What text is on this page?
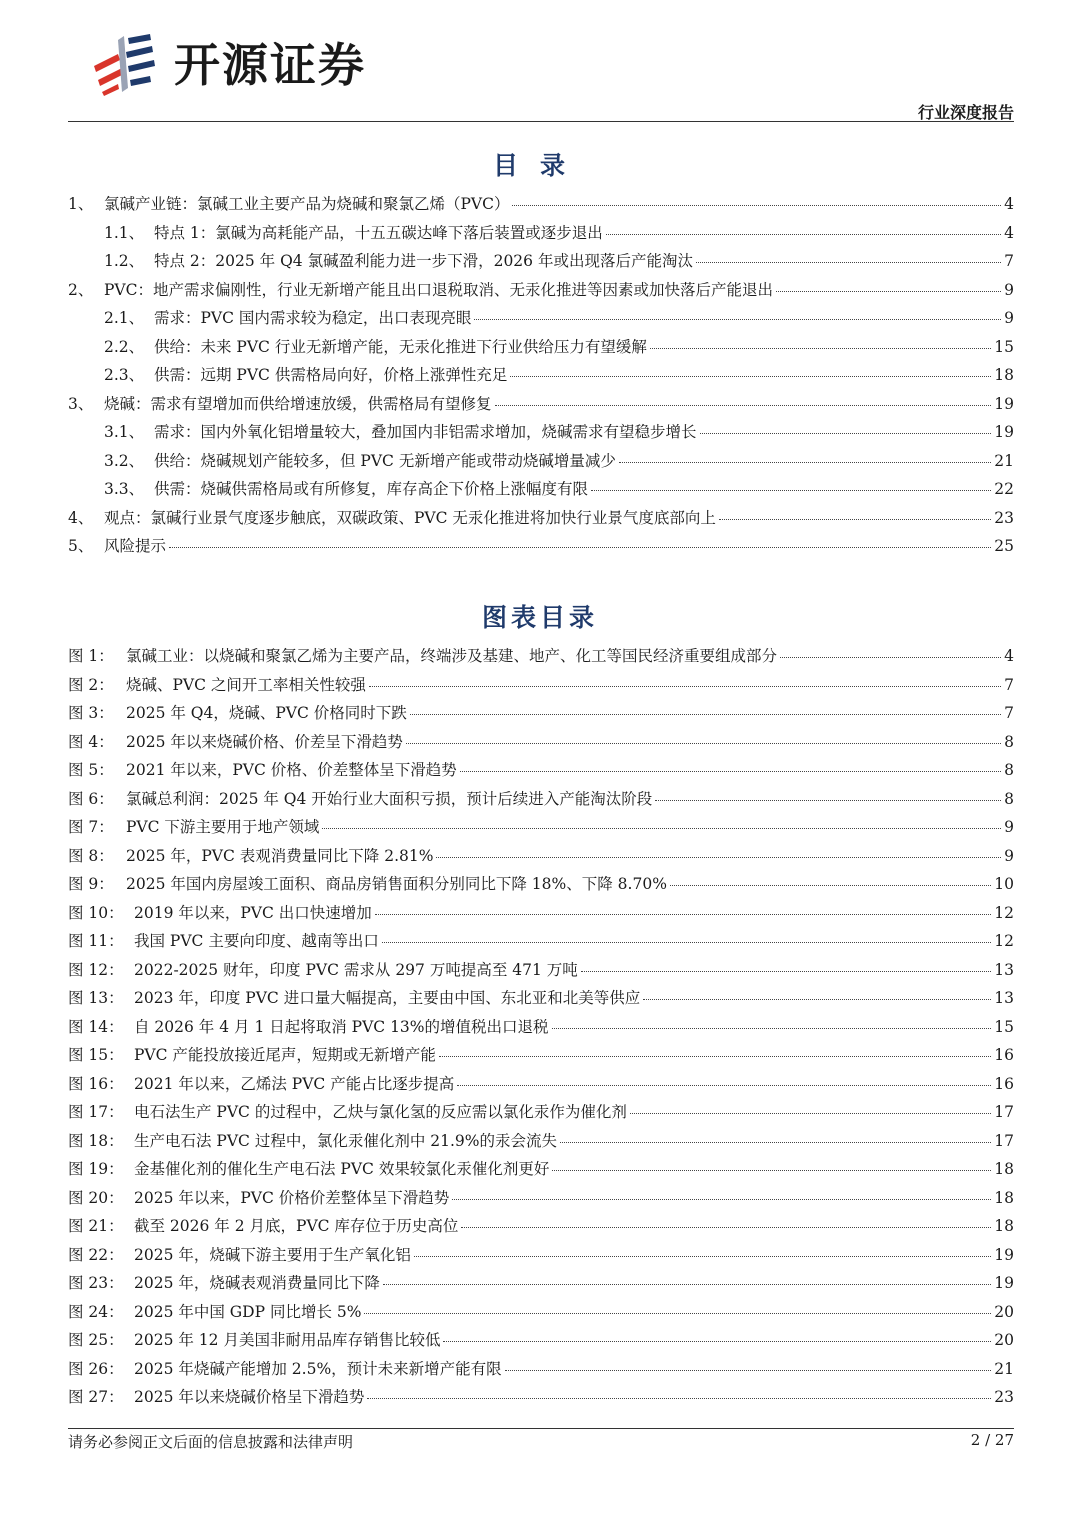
开源证券
行业深度报告
目录
1、 氯碱产业链：氯碱工业主要产品为烧碱和聚氯乙烯（PVC）	4
1.1、 特点 1：氯碱为高耗能产品，十五五碳达峰下落后装置或逐步退出	4
1.2、 特点 2：2025 年 Q4 氯碱盈利能力进一步下滑，2026 年或出现落后产能淘汰	7
2、 PVC：地产需求偏刚性，行业无新增产能且出口退税取消、无汞化推进等因素或加快落后产能退出	9
2.1、 需求：PVC 国内需求较为稳定，出口表现亮眼	9
2.2、 供给：未来 PVC 行业无新增产能，无汞化推进下行业供给压力有望缓解	15
2.3、 供需：远期 PVC 供需格局向好，价格上涨弹性充足	18
3、 烧碱：需求有望增加而供给增速放缓，供需格局有望修复	19
3.1、 需求：国内外氧化铝增量较大，叠加国内非铝需求增加，烧碱需求有望稳步增长	19
3.2、 供给：烧碱规划产能较多，但 PVC 无新增产能或带动烧碱增量减少	21
3.3、 供需：烧碱供需格局或有所修复，库存高企下价格上涨幅度有限	22
4、 观点：氯碱行业景气度逐步触底，双碳政策、PVC 无汞化推进将加快行业景气度底部向上	23
5、 风险提示	25
图表目录
图 1： 氯碱工业：以烧碱和聚氯乙烯为主要产品，终端涉及基建、地产、化工等国民经济重要组成部分	4
图 2： 烧碱、PVC 之间开工率相关性较强	7
图 3： 2025 年 Q4，烧碱、PVC 价格同时下跌	7
图 4： 2025 年以来烧碱价格、价差呈下滑趋势	8
图 5： 2021 年以来，PVC 价格、价差整体呈下滑趋势	8
图 6： 氯碱总利润：2025 年 Q4 开始行业大面积亏损，预计后续进入产能淘汰阶段	8
图 7： PVC 下游主要用于地产领域	9
图 8： 2025 年，PVC 表观消费量同比下降 2.81%	9
图 9： 2025 年国内房屋竣工面积、商品房销售面积分别同比下降 18%、下降 8.70%	10
图 10： 2019 年以来，PVC 出口快速增加	12
图 11： 我国 PVC 主要向印度、越南等出口	12
图 12： 2022-2025 财年，印度 PVC 需求从 297 万吨提高至 471 万吨	13
图 13： 2023 年，印度 PVC 进口量大幅提高，主要由中国、东北亚和北美等供应	13
图 14： 自 2026 年 4 月 1 日起将取消 PVC 13%的增值税出口退税	15
图 15： PVC 产能投放接近尾声，短期或无新增产能	16
图 16： 2021 年以来，乙烯法 PVC 产能占比逐步提高	16
图 17： 电石法生产 PVC 的过程中，乙炔与氯化氢的反应需以氯化汞作为催化剂	17
图 18： 生产电石法 PVC 过程中，氯化汞催化剂中 21.9%的汞会流失	17
图 19： 金基催化剂的催化生产电石法 PVC 效果较氯化汞催化剂更好	18
图 20： 2025 年以来，PVC 价格价差整体呈下滑趋势	18
图 21： 截至 2026 年 2 月底，PVC 库存位于历史高位	18
图 22： 2025 年，烧碱下游主要用于生产氧化铝	19
图 23： 2025 年，烧碱表观消费量同比下降	19
图 24： 2025 年中国 GDP 同比增长 5%	20
图 25： 2025 年 12 月美国非耐用品库存销售比较低	20
图 26： 2025 年烧碱产能增加 2.5%，预计未来新增产能有限	21
图 27： 2025 年以来烧碱价格呈下滑趋势	23
请务必参阅正文后面的信息披露和法律声明	2 / 27
